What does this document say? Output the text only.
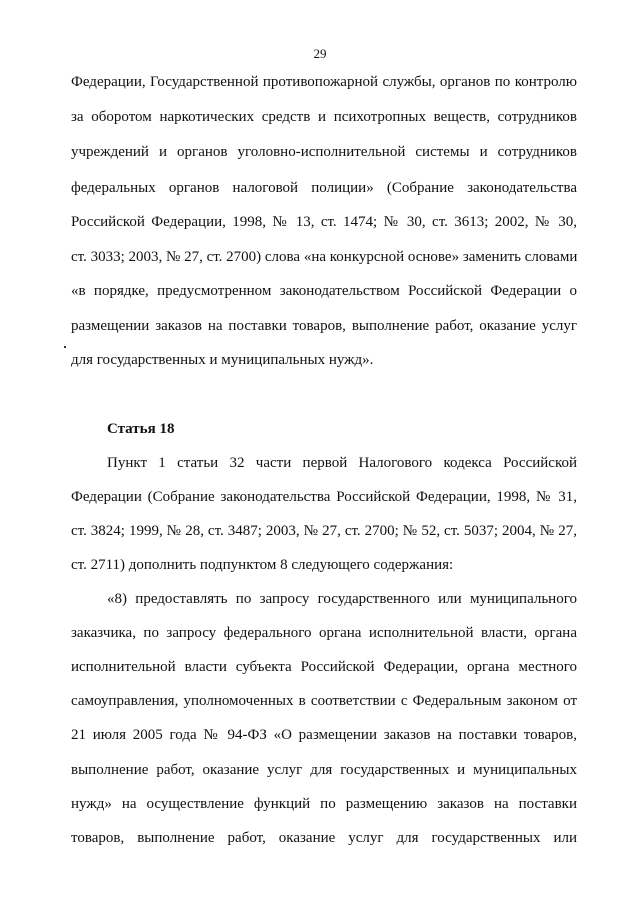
29
Федерации, Государственной противопожарной службы, органов по контролю
за оборотом наркотических средств и психотропных веществ, сотрудников
учреждений и органов уголовно-исполнительной системы и сотрудников
федеральных органов налоговой полиции» (Собрание законодательства
Российской Федерации, 1998, № 13, ст. 1474; № 30, ст. 3613; 2002, № 30,
ст. 3033; 2003, № 27, ст. 2700) слова «на конкурсной основе» заменить словами
«в порядке, предусмотренном законодательством Российской Федерации о
размещении заказов на поставки товаров, выполнение работ, оказание услуг
для государственных и муниципальных нужд».
Статья 18
Пункт 1 статьи 32 части первой Налогового кодекса Российской
Федерации (Собрание законодательства Российской Федерации, 1998, № 31,
ст. 3824; 1999, № 28, ст. 3487; 2003, № 27, ст. 2700; № 52, ст. 5037; 2004, № 27,
ст. 2711) дополнить подпунктом 8 следующего содержания:
«8) предоставлять по запросу государственного или муниципального
заказчика, по запросу федерального органа исполнительной власти, органа
исполнительной власти субъекта Российской Федерации, органа местного
самоуправления, уполномоченных в соответствии с Федеральным законом от
21 июля 2005 года № 94-ФЗ «О размещении заказов на поставки товаров,
выполнение работ, оказание услуг для государственных и муниципальных
нужд» на осуществление функций по размещению заказов на поставки
товаров, выполнение работ, оказание услуг для государственных или
